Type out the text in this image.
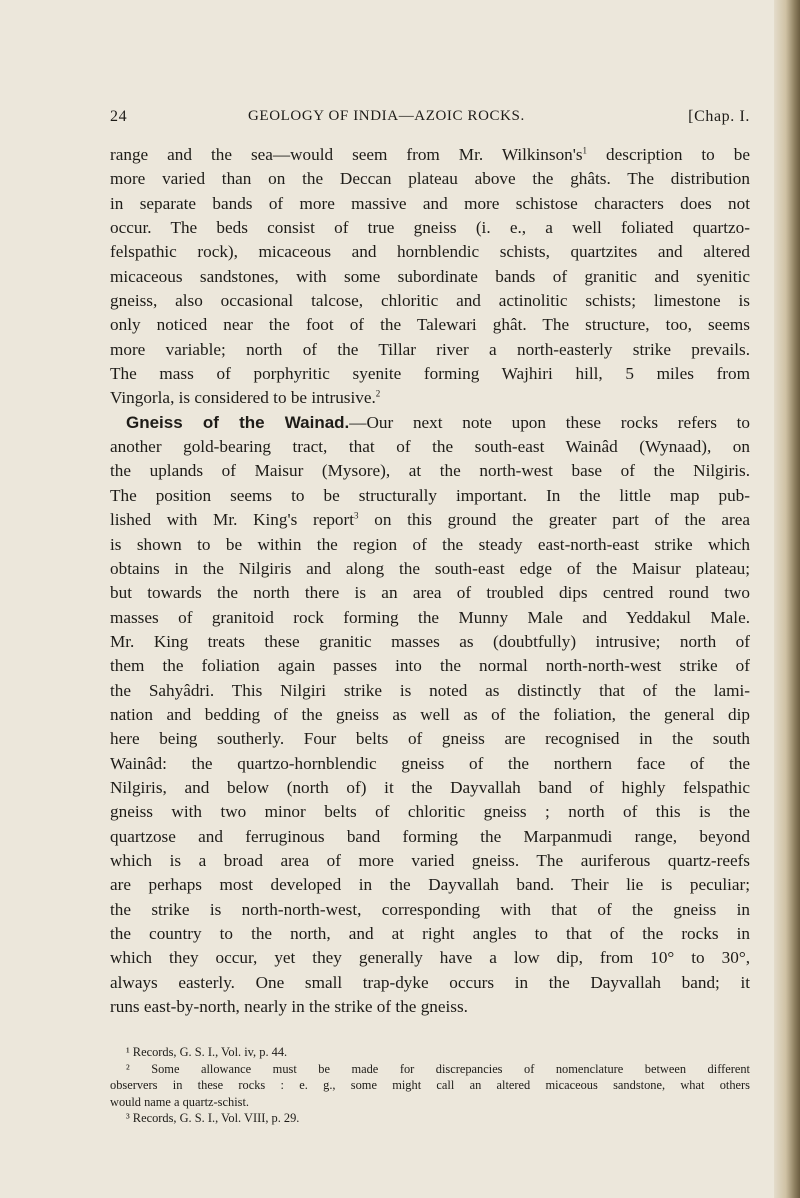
24	GEOLOGY OF INDIA—AZOIC ROCKS.	[Chap. I.
range and the sea—would seem from Mr. $Wilkinson's^1$ description to be
more varied than on the Deccan plateau above the ghâts. The distribution
in separate bands of more massive and more schistose characters does not
occur. The beds consist of true gneiss (i. e., a well foliated quartzo-
felspathic rock), micaceous and hornblendic schists, quartzites and altered
micaceous sandstones, with some subordinate bands of granitic and syenitic
gneiss, also occasional talcose, chloritic and actinolitic schists; limestone is
only noticed near the foot of the Talewari ghât. The structure, too, seems
more variable; north of the Tillar river a north-easterly strike prevails.
The mass of porphyritic syenite forming Wajhiri hill, 5 miles from
Vingorla, is considered to be intrusive.$^2$
Gneiss of the Wainad.—Our next note upon these rocks refers to
another gold-bearing tract, that of the south-east Wainâd (Wynaad), on
the uplands of Maisur (Mysore), at the north-west base of the Nilgiris.
The position seems to be structurally important. In the little map pub-
lished with Mr. King's report$^3$ on this ground the greater part of the area
is shown to be within the region of the steady east-north-east strike which
obtains in the Nilgiris and along the south-east edge of the Maisur plateau;
but towards the north there is an area of troubled dips centred round two
masses of granitoid rock forming the Munny Male and Yeddakul Male.
Mr. King treats these granitic masses as (doubtfully) intrusive; north of
them the foliation again passes into the normal north-north-west strike of
the Sahyâdri. This Nilgiri strike is noted as distinctly that of the lami-
nation and bedding of the gneiss as well as of the foliation, the general dip
here being southerly. Four belts of gneiss are recognised in the south
Wainâd: the quartzo-hornblendic gneiss of the northern face of the
Nilgiris, and below (north of) it the Dayvallah band of highly felspathic
gneiss with two minor belts of chloritic gneiss ; north of this is the
quartzose and ferruginous band forming the Marpanmudi range, beyond
which is a broad area of more varied gneiss. The auriferous quartz-reefs
are perhaps most developed in the Dayvallah band. Their lie is peculiar;
the strike is north-north-west, corresponding with that of the gneiss in
the country to the north, and at right angles to that of the rocks in
which they occur, yet they generally have a low dip, from 10° to 30°,
always easterly. One small trap-dyke occurs in the Dayvallah band; it
runs east-by-north, nearly in the strike of the gneiss.
¹ Records, G. S. I., Vol. iv, p. 44.
² Some allowance must be made for discrepancies of nomenclature between different
observers in these rocks : e. g., some might call an altered micaceous sandstone, what others
would name a quartz-schist.
³ Records, G. S. I., Vol. VIII, p. 29.
